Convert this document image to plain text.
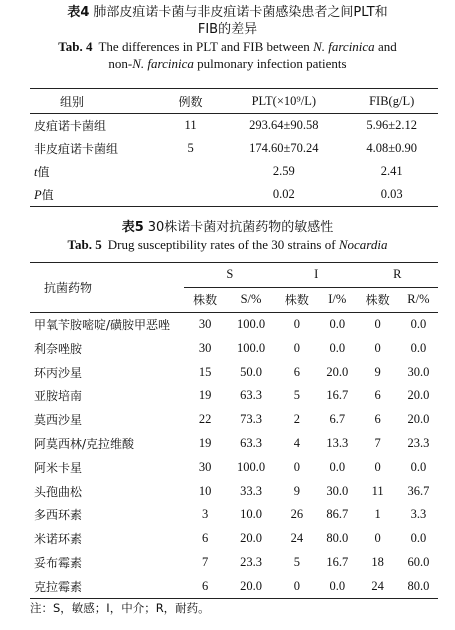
表4 肺部皮疽诺卡菌与非皮疽诺卡菌感染患者之间PLT和
FIB的差异
Tab. 4 The differences in PLT and FIB between N. farcinica and
non-N. farcinica pulmonary infection patients
组别	例数	PLT(×10⁹/L)	FIB(g/L)
皮疽诺卡菌组	11	293.64±90.58	5.96±2.12
非皮疽诺卡菌组	5	174.60±70.24	4.08±0.90
t值		2.59	2.41
P值		0.02	0.03
表5 30株诺卡菌对抗菌药物的敏感性
Tab. 5 Drug susceptibility rates of the 30 strains of Nocardia
抗菌药物	S		I		R	
	株数	S/%	株数	I/%	株数	R/%
甲氧苄胺嘧啶/磺胺甲恶唑	30	100.0	0	0.0	0	0.0
利奈唑胺	30	100.0	0	0.0	0	0.0
环丙沙星	15	50.0	6	20.0	9	30.0
亚胺培南	19	63.3	5	16.7	6	20.0
莫西沙星	22	73.3	2	6.7	6	20.0
阿莫西林/克拉维酸	19	63.3	4	13.3	7	23.3
阿米卡星	30	100.0	0	0.0	0	0.0
头孢曲松	10	33.3	9	30.0	11	36.7
多西环素	3	10.0	26	86.7	1	3.3
米诺环素	6	20.0	24	80.0	0	0.0
妥布霉素	7	23.3	5	16.7	18	60.0
克拉霉素	6	20.0	0	0.0	24	80.0
注：S，敏感；I，中介；R，耐药。
